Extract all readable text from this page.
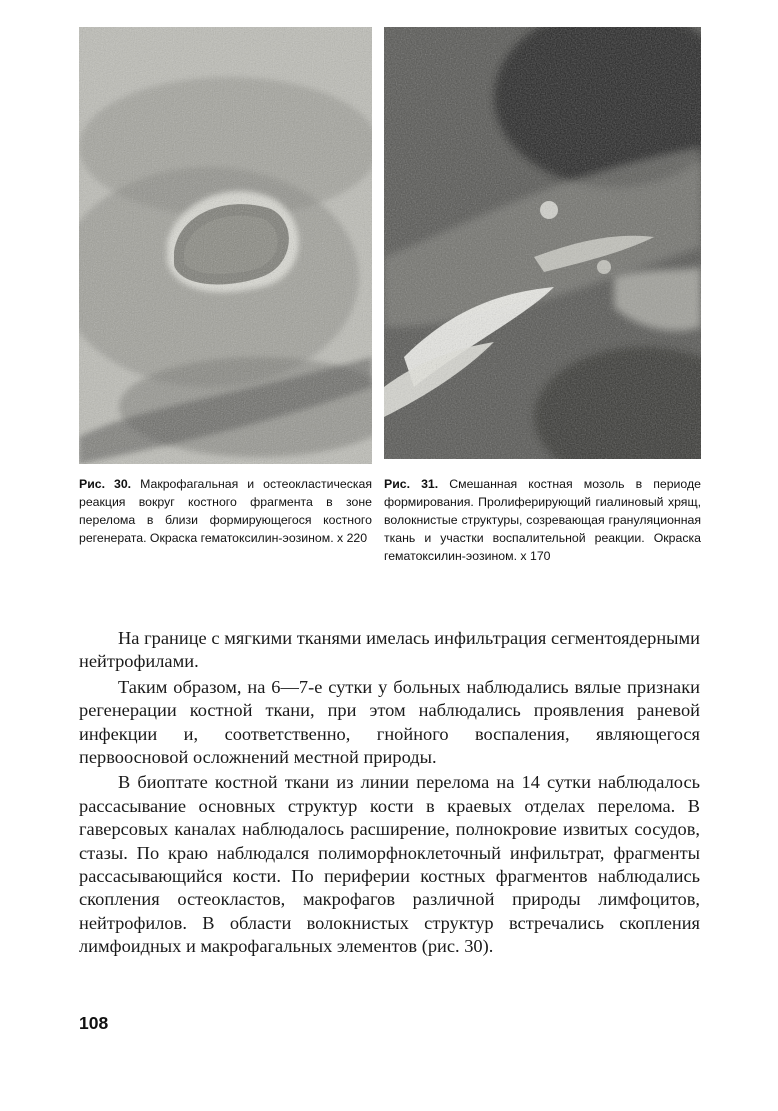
Рис. 30. Макрофагальная и остеокластическая реакция вокруг костного фрагмента в зоне перелома в близи формирующегося костного регенерата. Окраска гематоксилин-эозином. х 220
Рис. 31. Смешанная костная мозоль в периоде формирования. Пролиферирующий гиалиновый хрящ, волокнистые структуры, созревающая грануляционная ткань и участки воспалительной реакции. Окраска гематоксилин-эозином. х 170

На границе с мягкими тканями имелась инфильтрация сегментоядерными нейтрофилами.

Таким образом, на 6—7-е сутки у больных наблюдались вялые признаки регенерации костной ткани, при этом наблюдались проявления раневой инфекции и, соответственно, гнойного воспаления, являющегося первоосновой осложнений местной природы.

В биоптате костной ткани из линии перелома на 14 сутки наблюдалось рассасывание основных структур кости в краевых отделах перелома. В гаверсовых каналах наблюдалось расширение, полнокровие извитых сосудов, стазы. По краю наблюдался полиморфноклеточный инфильтрат, фрагменты рассасывающийся кости. По периферии костных фрагментов наблюдались скопления остеокластов, макрофагов различной природы лимфоцитов, нейтрофилов. В области волокнистых структур встречались скопления лимфоидных и макрофагальных элементов (рис. 30).

108
